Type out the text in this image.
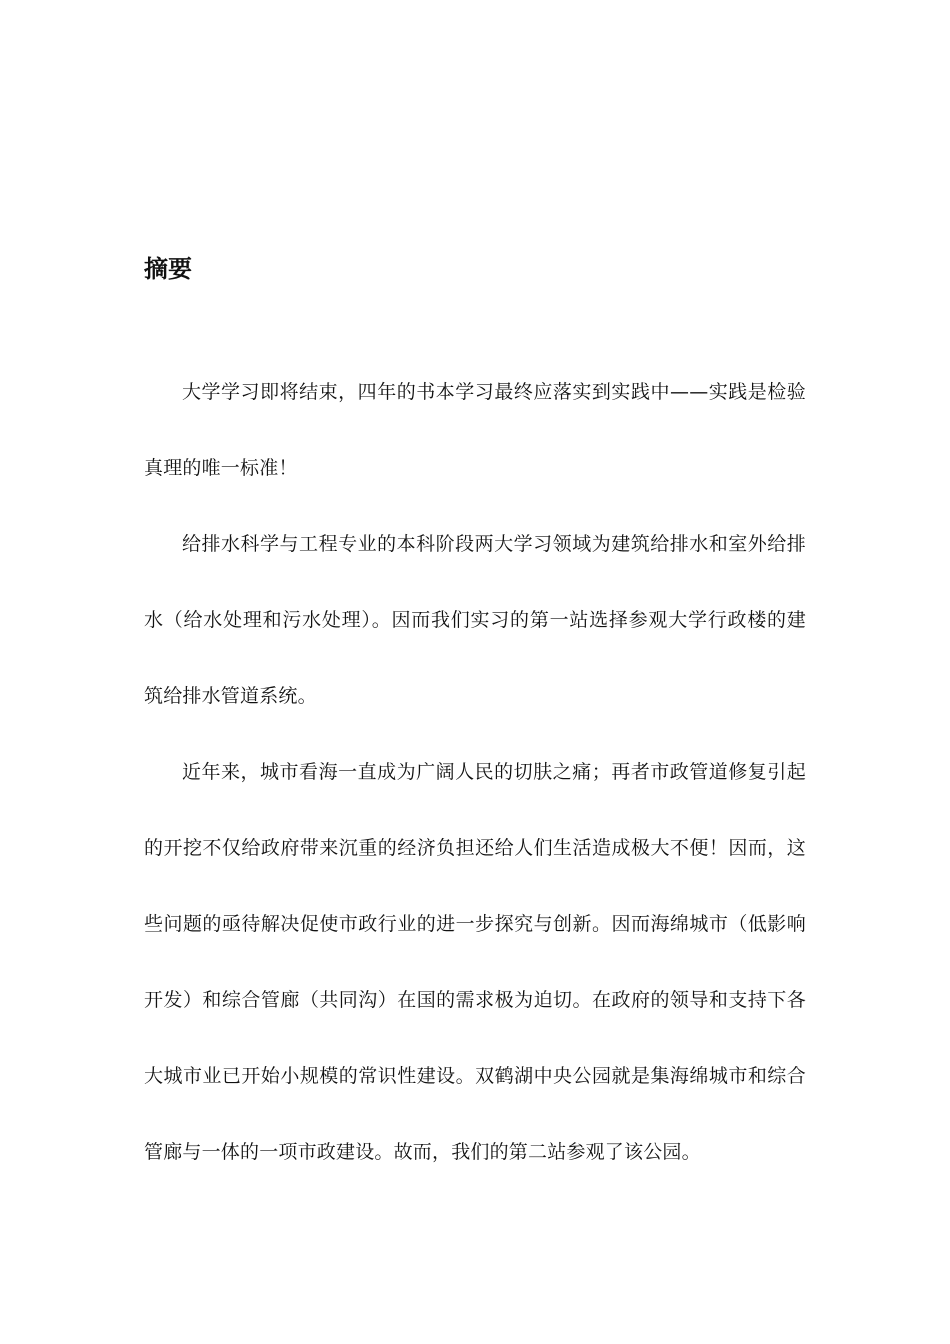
摘要

大学学习即将结束，四年的书本学习最终应落实到实践中——实践是检验真理的唯一标准！

给排水科学与工程专业的本科阶段两大学习领域为建筑给排水和室外给排水（给水处理和污水处理）。因而我们实习的第一站选择参观大学行政楼的建筑给排水管道系统。

近年来，城市看海一直成为广阔人民的切肤之痛；再者市政管道修复引起的开挖不仅给政府带来沉重的经济负担还给人们生活造成极大不便！因而，这些问题的亟待解决促使市政行业的进一步探究与创新。因而海绵城市（低影响开发）和综合管廊（共同沟）在国的需求极为迫切。在政府的领导和支持下各大城市业已开始小规模的常识性建设。双鹤湖中央公园就是集海绵城市和综合管廊与一体的一项市政建设。故而，我们的第二站参观了该公园。
